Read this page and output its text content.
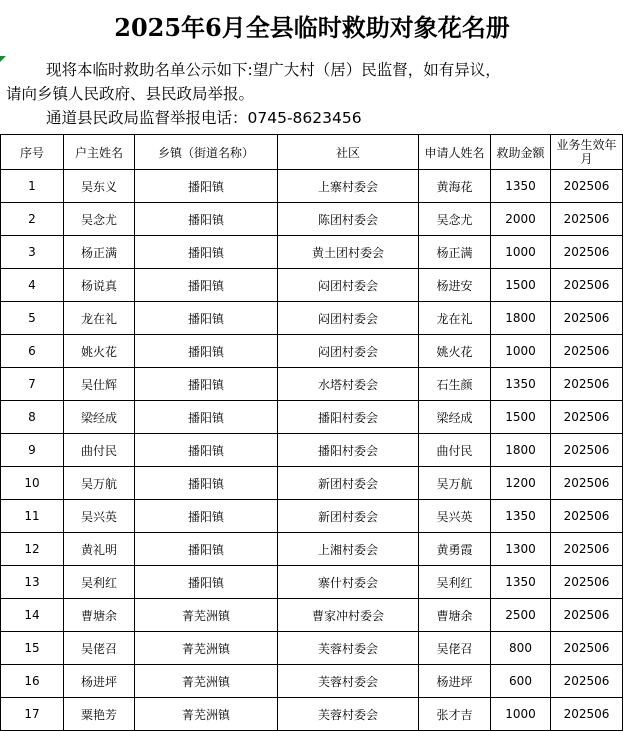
2025年6月全县临时救助对象花名册
现将本临时救助名单公示如下:望广大村（居）民监督，如有异议，
请向乡镇人民政府、县民政局举报。
通道县民政局监督举报电话：0745-8623456
序号	户主姓名	乡镇（街道名称）	社区	申请人姓名	救助金额	业务生效年月
1	吴东义	播阳镇	上寨村委会	黄海花	1350	202506
2	吴念尤	播阳镇	陈团村委会	吴念尤	2000	202506
3	杨正满	播阳镇	黄土团村委会	杨正满	1000	202506
4	杨说真	播阳镇	闷团村委会	杨进安	1500	202506
5	龙在礼	播阳镇	闷团村委会	龙在礼	1800	202506
6	姚火花	播阳镇	闷团村委会	姚火花	1000	202506
7	吴仕辉	播阳镇	水塔村委会	石生颜	1350	202506
8	梁经成	播阳镇	播阳村委会	梁经成	1500	202506
9	曲付民	播阳镇	播阳村委会	曲付民	1800	202506
10	吴万航	播阳镇	新团村委会	吴万航	1200	202506
11	吴兴英	播阳镇	新团村委会	吴兴英	1350	202506
12	黄礼明	播阳镇	上湘村委会	黄勇霞	1300	202506
13	吴利红	播阳镇	寨什村委会	吴利红	1350	202506
14	曹塘余	菁芜洲镇	曹家冲村委会	曹塘余	2500	202506
15	吴佬召	菁芜洲镇	芙蓉村委会	吴佬召	800	202506
16	杨进坪	菁芜洲镇	芙蓉村委会	杨进坪	600	202506
17	粟艳芳	菁芜洲镇	芙蓉村委会	张才吉	1000	202506
